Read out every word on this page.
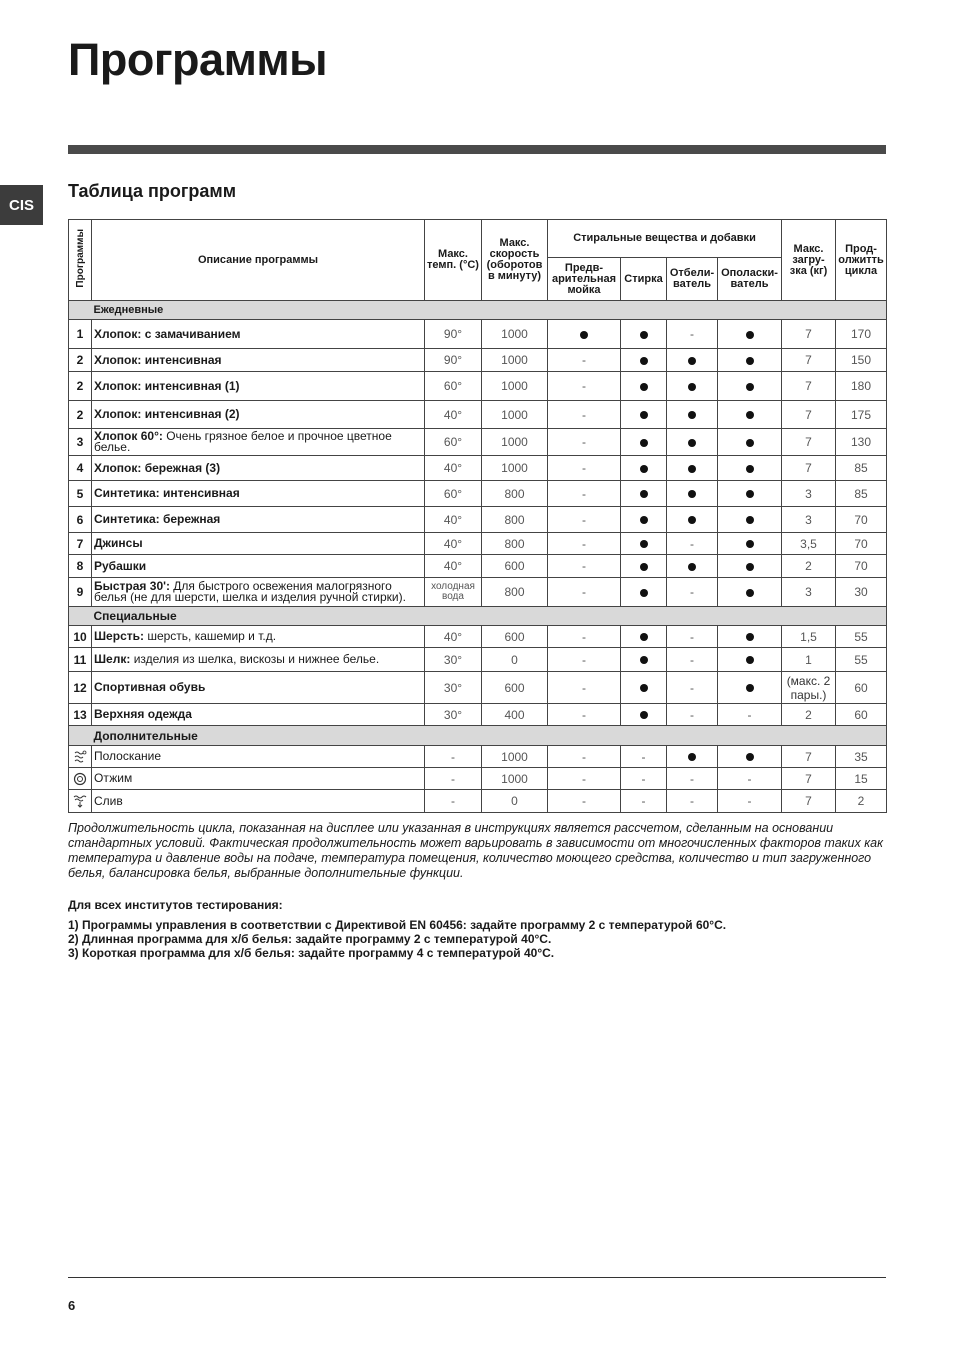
Программы
CIS
Таблица программ
Программы	Описание программы	Макс. темп. (°C)	Макс. скорость (оборотов в минуту)	Стиральные вещества и добавки				Макс. загру-зка (кг)	Прод-олжитть цикла
				Предв-арительная мойка	Стирка	Отбели-ватель	Ополаски-ватель		
	Ежедневные								
1	Хлопок: с замачиванием	90°	1000			-		7	170
2	Хлопок: интенсивная	90°	1000	-				7	150
2	Хлопок: интенсивная (1)	60°	1000	-				7	180
2	Хлопок: интенсивная (2)	40°	1000	-				7	175
3	Хлопок 60°: Очень грязное белое и прочное цветное белье.	60°	1000	-				7	130
4	Хлопок: бережная (3)	40°	1000	-				7	85
5	Синтетика: интенсивная	60°	800	-				3	85
6	Синтетика: бережная	40°	800	-				3	70
7	Джинсы	40°	800	-		-		3,5	70
8	Рубашки	40°	600	-				2	70
9	Быстрая 30': Для быстрого освежения малогрязного белья (не для шерсти, шелка и изделия ручной стирки).	холодная вода	800	-		-		3	30
	Специальные								
10	Шерсть: шерсть, кашемир и т.д.	40°	600	-		-		1,5	55
11	Шелк: изделия из шелка, вискозы и нижнее белье.	30°	0	-		-		1	55
12	Спортивная обувь	30°	600	-		-		(макс. 2 пары.)	60
13	Верхняя одежда	30°	400	-		-	-	2	60
	Дополнительные								

	Полоскание	-	1000	-	-			7	35

	Отжим	-	1000	-	-	-	-	7	15

	Слив	-	0	-	-	-	-	7	2
Продолжительность цикла, показанная на дисплее или указанная в инструкциях является рассчетом, сделанным на основании стандартных условий. Фактическая продолжительность может варьировать в зависимости от многочисленных факторов таких как температура и давление воды на подаче, температура помещения, количество моющего средства, количество и тип загруженного белья, балансировка белья, выбранные дополнительные функции.
Для всех институтов тестирования:
1) Программы управления в соответствии с Директивой EN 60456: задайте программу 2 с температурой 60°С.
2) Длинная программа для х/б белья: задайте программу 2 с температурой 40°C.
3) Короткая программа для х/б белья: задайте программу 4 с температурой 40°C.
6
